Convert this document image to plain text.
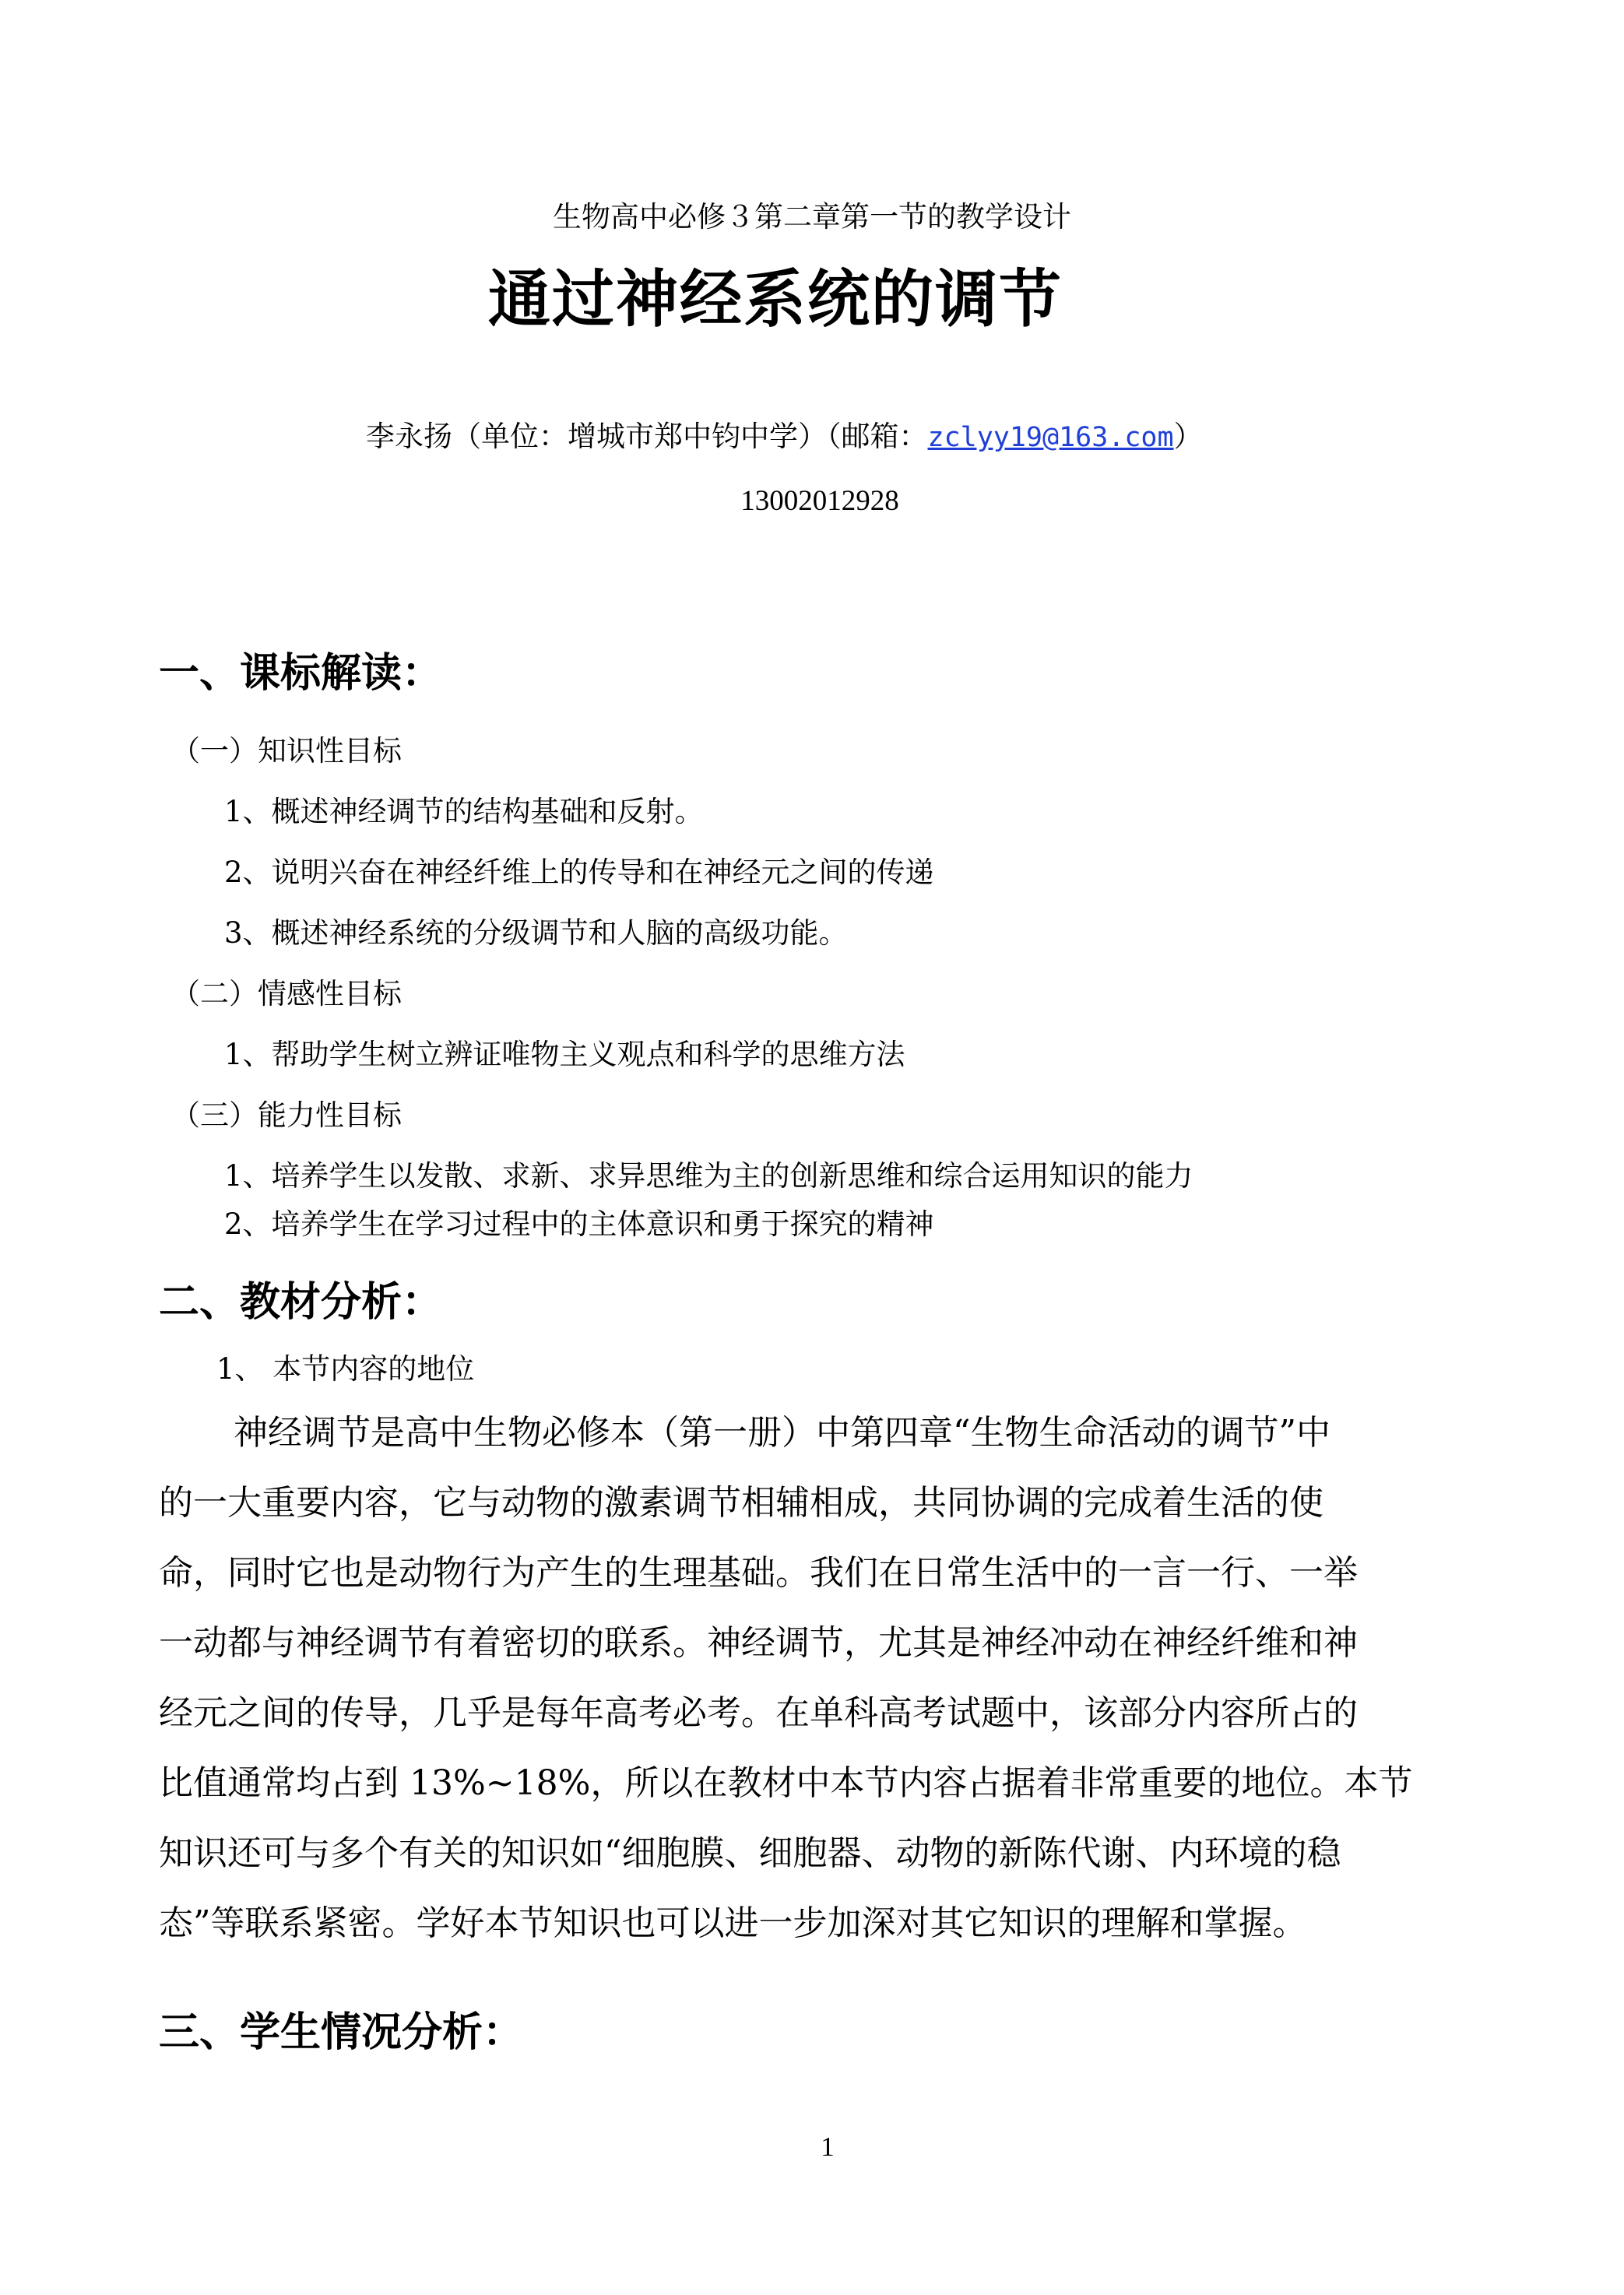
生物高中必修３第二章第一节的教学设计
通过神经系统的调节
李永扬（单位：增城市郑中钧中学）（邮箱：zclyy19@163.com）
13002012928
一、课标解读：
（一）知识性目标
1、概述神经调节的结构基础和反射。
2、说明兴奋在神经纤维上的传导和在神经元之间的传递
3、概述神经系统的分级调节和人脑的高级功能。
（二）情感性目标
1、帮助学生树立辨证唯物主义观点和科学的思维方法
（三）能力性目标
1、培养学生以发散、求新、求异思维为主的创新思维和综合运用知识的能力
2、培养学生在学习过程中的主体意识和勇于探究的精神
二、教材分析：
1、 本节内容的地位
神经调节是高中生物必修本（第一册）中第四章“生物生命活动的调节”中
的一大重要内容，它与动物的激素调节相辅相成，共同协调的完成着生活的使
命，同时它也是动物行为产生的生理基础。我们在日常生活中的一言一行、一举
一动都与神经调节有着密切的联系。神经调节，尤其是神经冲动在神经纤维和神
经元之间的传导，几乎是每年高考必考。在单科高考试题中，该部分内容所占的
比值通常均占到 13%~18%，所以在教材中本节内容占据着非常重要的地位。本节
知识还可与多个有关的知识如“细胞膜、细胞器、动物的新陈代谢、内环境的稳
态”等联系紧密。学好本节知识也可以进一步加深对其它知识的理解和掌握。
三、学生情况分析：
1
